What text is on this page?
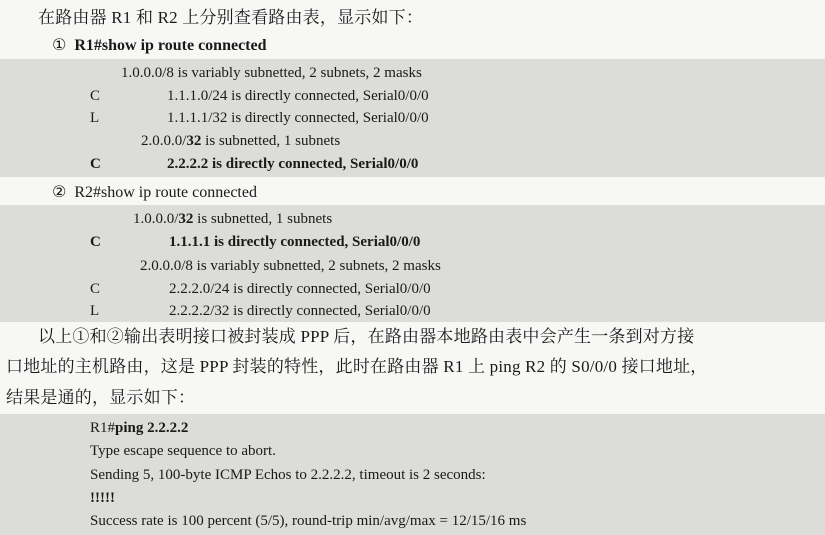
在路由器 R1 和 R2 上分别查看路由表，显示如下：
① R1#show ip route connected
1.0.0.0/8 is variably subnetted, 2 subnets, 2 masks
C	1.1.1.0/24 is directly connected, Serial0/0/0
L	1.1.1.1/32 is directly connected, Serial0/0/0
2.0.0.0/32 is subnetted, 1 subnets
C	2.2.2.2 is directly connected, Serial0/0/0
② R2#show ip route connected
1.0.0.0/32 is subnetted, 1 subnets
C	1.1.1.1 is directly connected, Serial0/0/0
2.0.0.0/8 is variably subnetted, 2 subnets, 2 masks
C	2.2.2.0/24 is directly connected, Serial0/0/0
L	2.2.2.2/32 is directly connected, Serial0/0/0
以上①和②输出表明接口被封装成 PPP 后，在路由器本地路由表中会产生一条到对方接
口地址的主机路由，这是 PPP 封装的特性，此时在路由器 R1 上 ping R2 的 S0/0/0 接口地址，
结果是通的，显示如下：
R1#ping 2.2.2.2
Type escape sequence to abort.
Sending 5, 100-byte ICMP Echos to 2.2.2.2, timeout is 2 seconds:
!!!!!
Success rate is 100 percent (5/5), round-trip min/avg/max = 12/15/16 ms
